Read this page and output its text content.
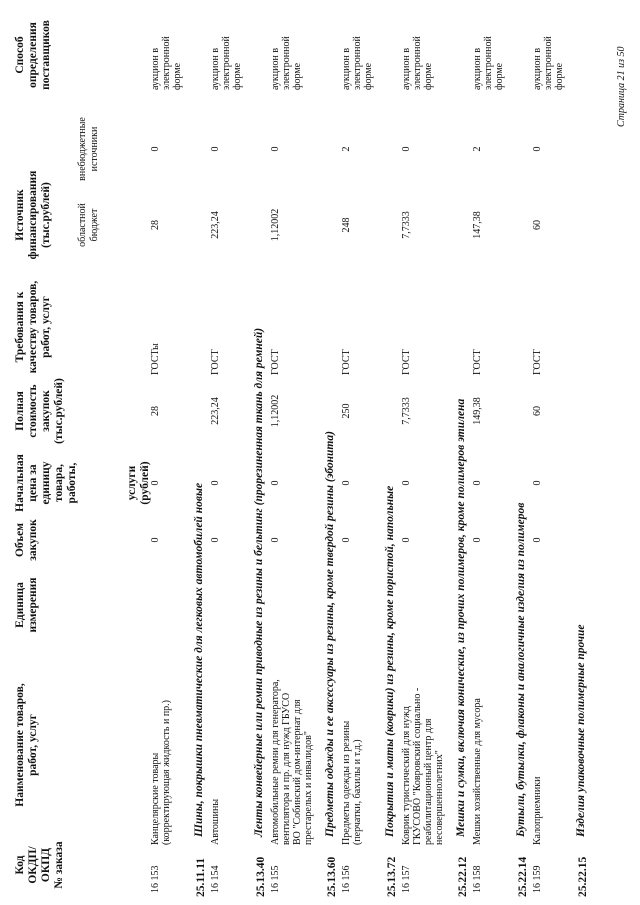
Код ОКДП/ ОКПД № заказа
Наименование товаров, работ, услуг
Единица измерения
Объем закупок
Начальная цена за единицу товара, работы,	услуги (рублей)
Полная стоимость закупок (тыс.рублей)
Требования к качеству товаров, работ, услуг
Источник финансирования (тыс.рублей)
Способ определения поставщиков
областной бюджет
внебюджетные источники
16 153
Канцелярские товары (корректирующая жидкость и пр.)
0
0
28
ГОСТы
28
0
аукцион в электронной форме
25.11.11
Шины, покрышки пневматические для легковых автомобилей новые
16 154
Автошины
0
0
223,24
ГОСТ
223,24
0
аукцион в электронной форме
25.13.40
Ленты конвейерные или ремни приводные из резины и бельтинг (прорезиненная ткань для ремней)
16 155
Автомобильные ремни для генератора, вентилятора и пр. для нужд ГБУСО ВО "Собинский дом-интернат для престарелых и инвалидов"
0
0
1,12002
ГОСТ
1,12002
0
аукцион в электронной форме
25.13.60
Предметы одежды и ее аксессуары из резины, кроме твердой резины (эбонита)
16 156
Предметы одежды из резины (перчатки, бахилы и т.д.)
0
0
250
ГОСТ
248
2
аукцион в электронной форме
25.13.72
Покрытия и маты (коврики) из резины, кроме пористой, напольные
16 157
Коврик туристический для нужд ГКУСОВО "Ковровский социально - реабилитационный центр для несовершеннолетних"
0
0
7,7333
ГОСТ
7,7333
0
аукцион в электронной форме
25.22.12
Мешки и сумки, включая конические, из прочих полимеров, кроме полимеров этилена
16 158
Мешки хозяйственные для мусора
0
0
149,38
ГОСТ
147,38
2
аукцион в электронной форме
25.22.14
Бутыли, бутылки, флаконы и аналогичные изделия из полимеров
16 159
Калоприемники
0
0
60
ГОСТ
60
0
аукцион в электронной форме
25.22.15
Изделия упаковочные полимерные прочие
Страница 21 из 50
